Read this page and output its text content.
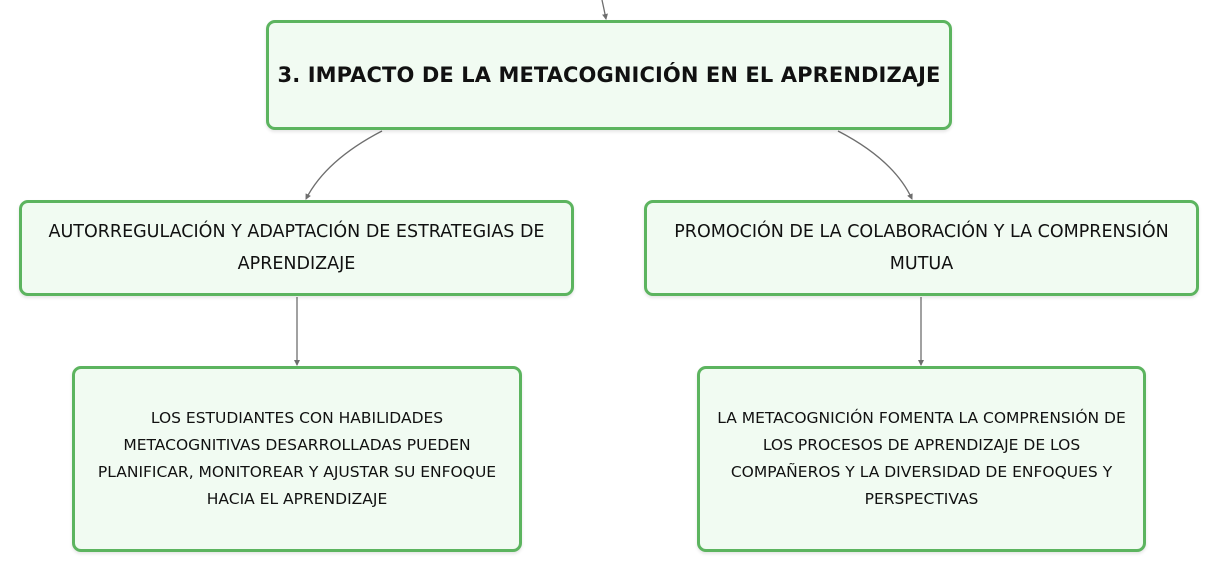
3. IMPACTO DE LA METACOGNICIÓN EN EL APRENDIZAJE
AUTORREGULACIÓN Y ADAPTACIÓN DE ESTRATEGIAS DE APRENDIZAJE
PROMOCIÓN DE LA COLABORACIÓN Y LA COMPRENSIÓN MUTUA
LOS ESTUDIANTES CON HABILIDADES METACOGNITIVAS DESARROLLADAS PUEDEN PLANIFICAR, MONITOREAR Y AJUSTAR SU ENFOQUE HACIA EL APRENDIZAJE
LA METACOGNICIÓN FOMENTA LA COMPRENSIÓN DE LOS PROCESOS DE APRENDIZAJE DE LOS COMPAÑEROS Y LA DIVERSIDAD DE ENFOQUES Y PERSPECTIVAS
